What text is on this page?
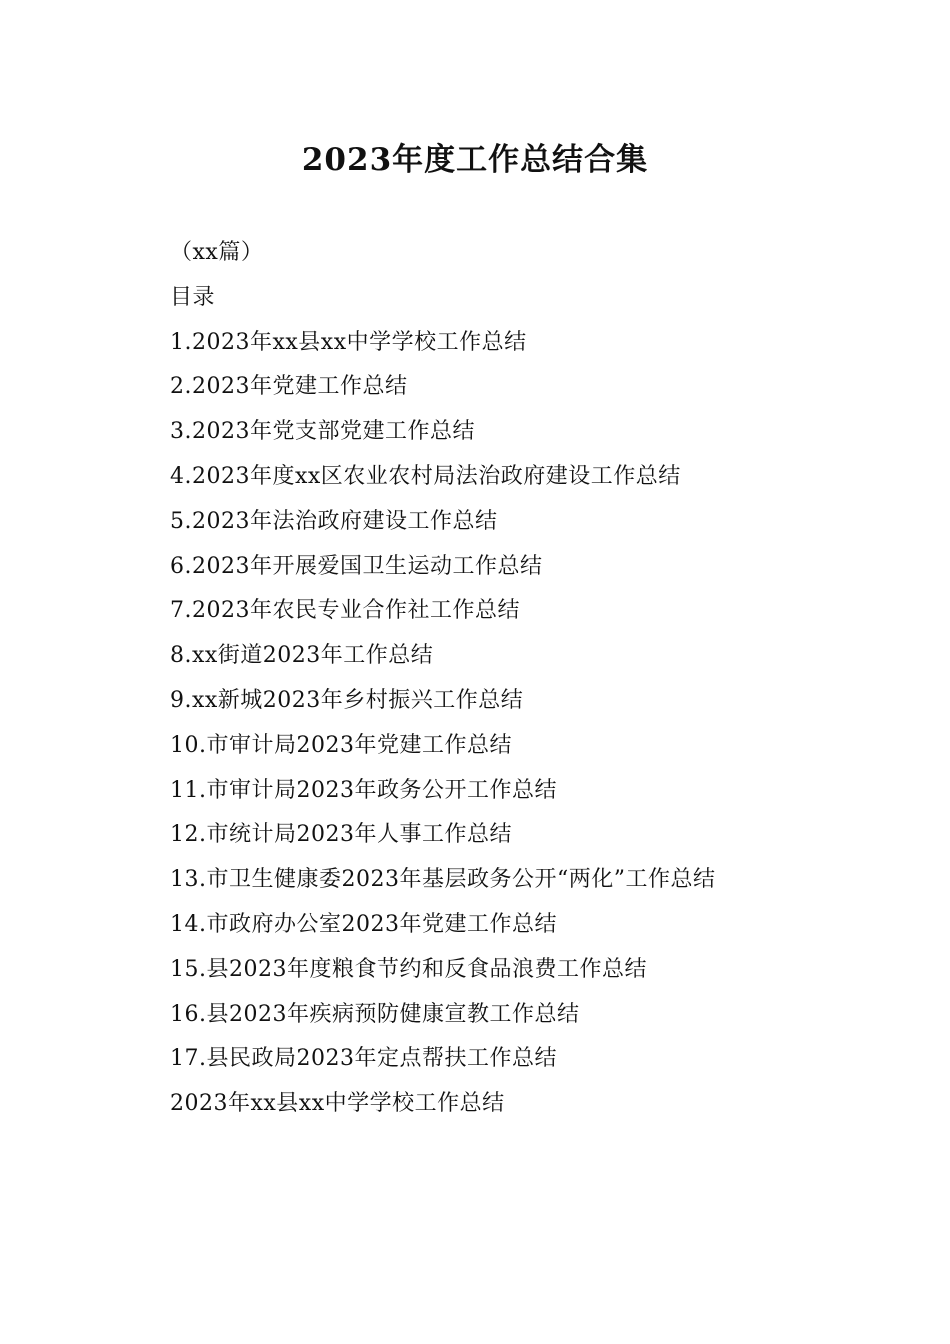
2023年度工作总结合集

（xx篇）

目录

1.2023年xx县xx中学学校工作总结
2.2023年党建工作总结
3.2023年党支部党建工作总结
4.2023年度xx区农业农村局法治政府建设工作总结
5.2023年法治政府建设工作总结
6.2023年开展爱国卫生运动工作总结
7.2023年农民专业合作社工作总结
8.xx街道2023年工作总结
9.xx新城2023年乡村振兴工作总结
10.市审计局2023年党建工作总结
11.市审计局2023年政务公开工作总结
12.市统计局2023年人事工作总结
13.市卫生健康委2023年基层政务公开“两化”工作总结
14.市政府办公室2023年党建工作总结
15.县2023年度粮食节约和反食品浪费工作总结
16.县2023年疾病预防健康宣教工作总结
17.县民政局2023年定点帮扶工作总结

2023年xx县xx中学学校工作总结
